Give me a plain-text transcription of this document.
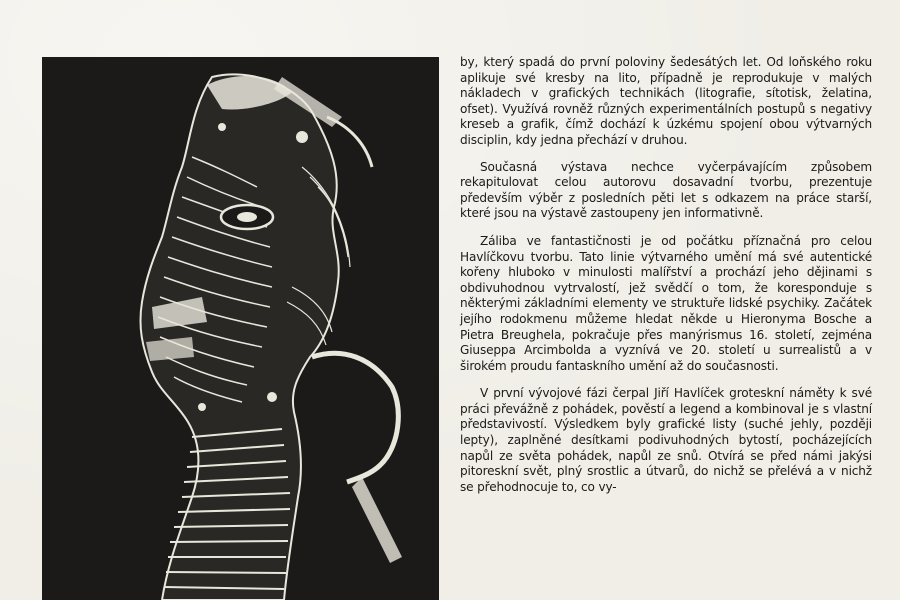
by, který spadá do první poloviny šedesátých let. Od loňského roku aplikuje své kresby na lito, případně je reprodukuje v malých nákladech v grafických technikách (litografie, sítotisk, želatina, ofset). Využívá rovněž různých experimentálních postupů s negativy kreseb a grafik, čímž dochází k úzkému spojení obou výtvarných disciplin, kdy jedna přechází v druhou.

Současná výstava nechce vyčerpávajícím způsobem rekapitulovat celou autorovu dosavadní tvorbu, prezentuje především výběr z posledních pěti let s odkazem na práce starší, které jsou na výstavě zastoupeny jen informativně.

Záliba ve fantastičnosti je od počátku příznačná pro celou Havlíčkovu tvorbu. Tato linie výtvarného umění má své autentické kořeny hluboko v minulosti malířství a prochází jeho dějinami s obdivuhodnou vytrvalostí, jež svědčí o tom, že koresponduje s některými základními elementy ve struktuře lidské psychiky. Začátek jejího rodokmenu můžeme hledat někde u Hieronyma Bosche a Pietra Breughela, pokračuje přes manýrismus 16. století, zejména Giuseppa Arcimbolda a vyznívá ve 20. století u surrealistů a v širokém proudu fantaskního umění až do současnosti.

V první vývojové fázi čerpal Jiří Havlíček groteskní náměty k své práci převážně z pohádek, pověstí a legend a kombinoval je s vlastní představivostí. Výsledkem byly grafické listy (suché jehly, později lepty), zaplněné desítkami podivuhodných bytostí, pocházejících napůl ze světa pohádek, napůl ze snů. Otvírá se před námi jakýsi pitoreskní svět, plný srostlic a útvarů, do nichž se přelévá a v nichž se přehodnocuje to, co vy-
